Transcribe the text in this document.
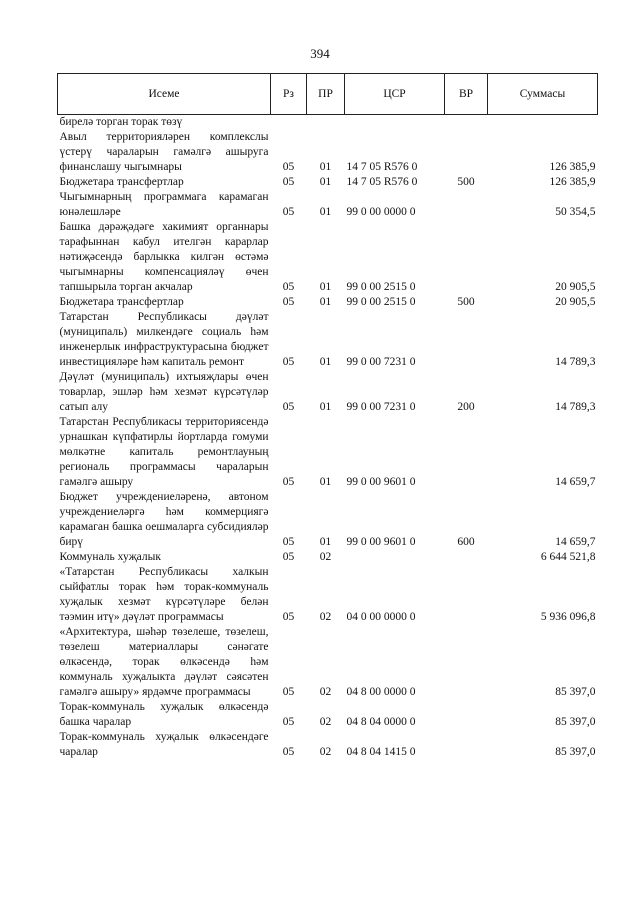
394
Исеме	Рз	ПР	ЦСР	ВР	Суммасы
бирелә торган торак төзү					
Авыл территорияләрен комплекслы үстерү чараларын гамәлгә ашыруга финанслашу чыгымнары	05	01	14 7 05 R576 0		126 385,9
Бюджетара трансфертлар	05	01	14 7 05 R576 0	500	126 385,9
Чыгымнарның программага карамаган юнәлешләре	05	01	99 0 00 0000 0		50 354,5
Башка дәрәҗәдәге хакимият органнары тарафыннан кабул ителгән карарлар нәтиҗәсендә барлыкка килгән өстәмә чыгымнарны компенсацияләү өчен тапшырыла торган акчалар	05	01	99 0 00 2515 0		20 905,5
Бюджетара трансфертлар	05	01	99 0 00 2515 0	500	20 905,5
Татарстан Республикасы дәүләт (муниципаль) милкендәге социаль һәм инженерлык инфраструктурасына бюджет инвестицияләре һәм капиталь ремонт	05	01	99 0 00 7231 0		14 789,3
Дәүләт (муниципаль) ихтыяҗлары өчен товарлар, эшләр һәм хезмәт күрсәтүләр сатып алу	05	01	99 0 00 7231 0	200	14 789,3
Татарстан Республикасы территориясендә урнашкан күпфатирлы йортларда гомуми мөлкәтне капиталь ремонтлауның региональ программасы чараларын гамәлгә ашыру	05	01	99 0 00 9601 0		14 659,7
Бюджет учреждениеләренә, автоном учреждениеләргә һәм коммерциягә карамаган башка оешмаларга субсидияләр бирү	05	01	99 0 00 9601 0	600	14 659,7
Коммуналь хуҗалык	05	02			6 644 521,8
«Татарстан Республикасы халкын сыйфатлы торак һәм торак-коммуналь хуҗалык хезмәт күрсәтүләре белән тәэмин итү» дәүләт программасы	05	02	04 0 00 0000 0		5 936 096,8
«Архитектура, шәһәр төзелеше, төзелеш, төзелеш материаллары сәнәгате өлкәсендә, торак өлкәсендә һәм коммуналь хуҗалыкта дәүләт сәясәтен гамәлгә ашыру» ярдәмче программасы	05	02	04 8 00 0000 0		85 397,0
Торак-коммуналь хуҗалык өлкәсендә башка чаралар	05	02	04 8 04 0000 0		85 397,0
Торак-коммуналь хуҗалык өлкәсендәге чаралар	05	02	04 8 04 1415 0		85 397,0
